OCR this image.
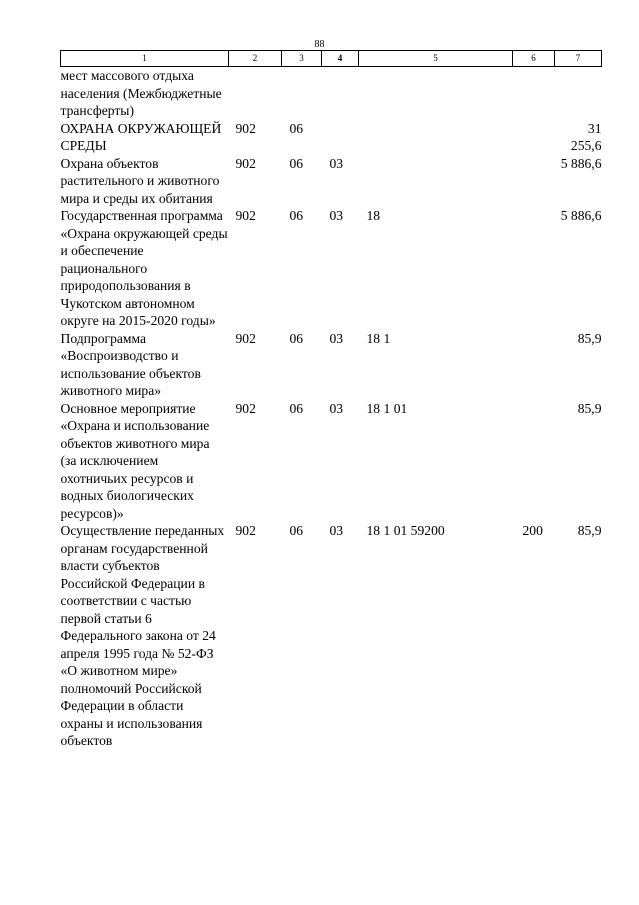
88
1	2	3	4	5	6	7
мест массового отдыха населения (Межбюджетные трансферты)						
ОХРАНА ОКРУЖАЮЩЕЙ СРЕДЫ	902	06				31 255,6
Охрана объектов растительного и животного мира и среды их обитания	902	06	03			5 886,6
Государственная программа «Охрана окружающей среды и обеспечение рационального природопользования в Чукотском автономном округе на 2015-2020 годы»	902	06	03	18		5 886,6
Подпрограмма «Воспроизводство и использование объектов животного мира»	902	06	03	18 1		85,9
Основное мероприятие «Охрана и использование объектов животного мира (за исключением охотничьих ресурсов и водных биологических ресурсов)»	902	06	03	18 1 01		85,9
Осуществление переданных органам государственной власти субъектов Российской Федерации в соответствии с частью первой статьи 6 Федерального закона от 24 апреля 1995 года № 52-ФЗ «О животном мире» полномочий Российской Федерации в области охраны и использования объектов	902	06	03	18 1 01 59200	200	85,9
